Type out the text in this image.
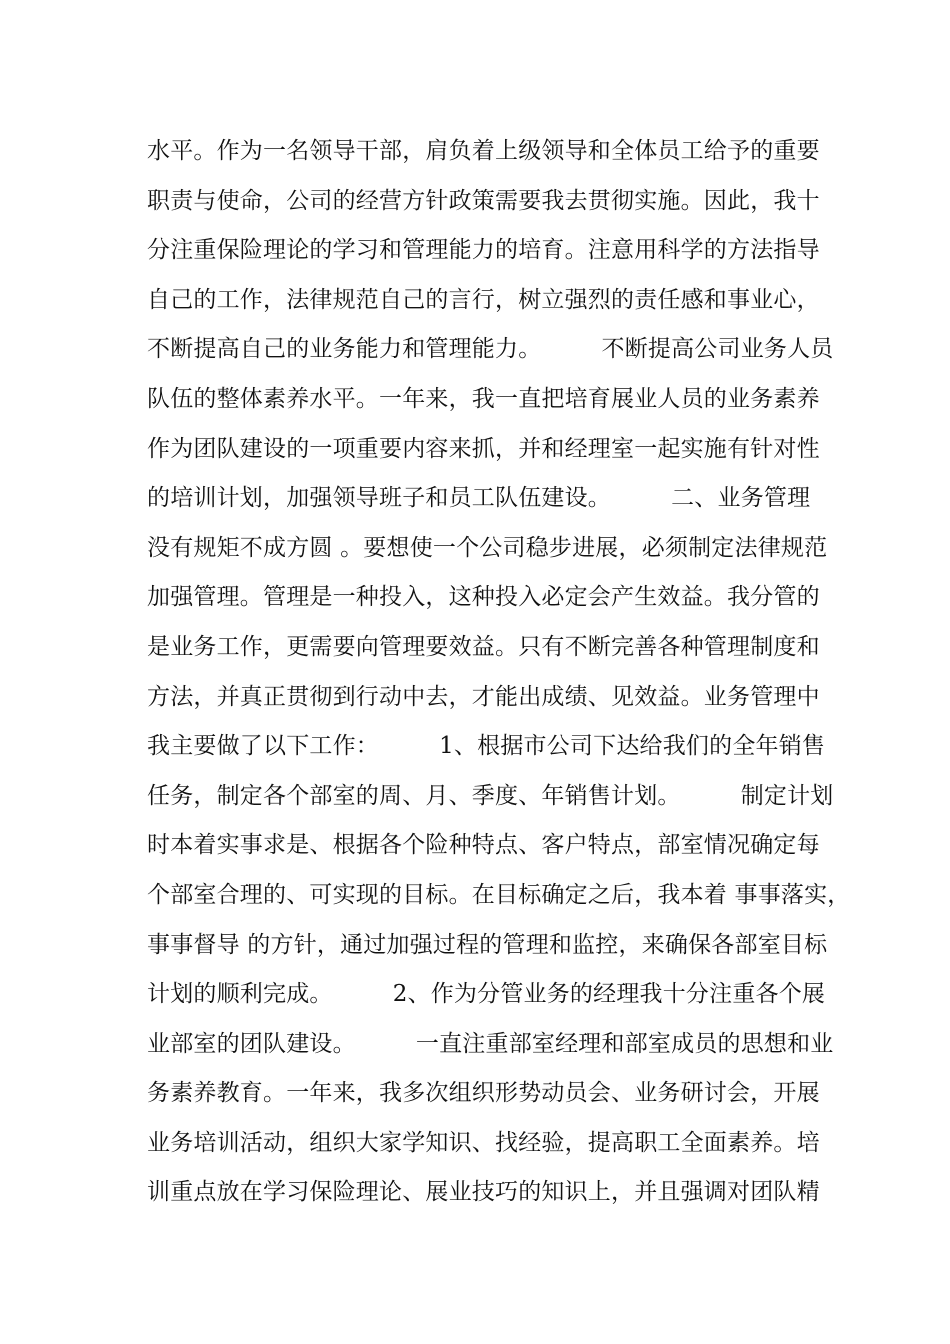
水平。作为一名领导干部，肩负着上级领导和全体员工给予的重要
职责与使命，公司的经营方针政策需要我去贯彻实施。因此，我十
分注重保险理论的学习和管理能力的培育。注意用科学的方法指导
自己的工作，法律规范自己的言行，树立强烈的责任感和事业心，
不断提高自己的业务能力和管理能力。        不断提高公司业务人员
队伍的整体素养水平。一年来，我一直把培育展业人员的业务素养
作为团队建设的一项重要内容来抓，并和经理室一起实施有针对性
的培训计划，加强领导班子和员工队伍建设。        二、业务管理
没有规矩不成方圆 。要想使一个公司稳步进展，必须制定法律规范
加强管理。管理是一种投入，这种投入必定会产生效益。我分管的
是业务工作，更需要向管理要效益。只有不断完善各种管理制度和
方法，并真正贯彻到行动中去，才能出成绩、见效益。业务管理中
我主要做了以下工作：        1、根据市公司下达给我们的全年销售
任务，制定各个部室的周、月、季度、年销售计划。        制定计划
时本着实事求是、根据各个险种特点、客户特点，部室情况确定每
个部室合理的、可实现的目标。在目标确定之后，我本着 事事落实，
事事督导 的方针，通过加强过程的管理和监控，来确保各部室目标
计划的顺利完成。        2、作为分管业务的经理我十分注重各个展
业部室的团队建设。        一直注重部室经理和部室成员的思想和业
务素养教育。一年来，我多次组织形势动员会、业务研讨会，开展
业务培训活动，组织大家学知识、找经验，提高职工全面素养。培
训重点放在学习保险理论、展业技巧的知识上，并且强调对团队精
